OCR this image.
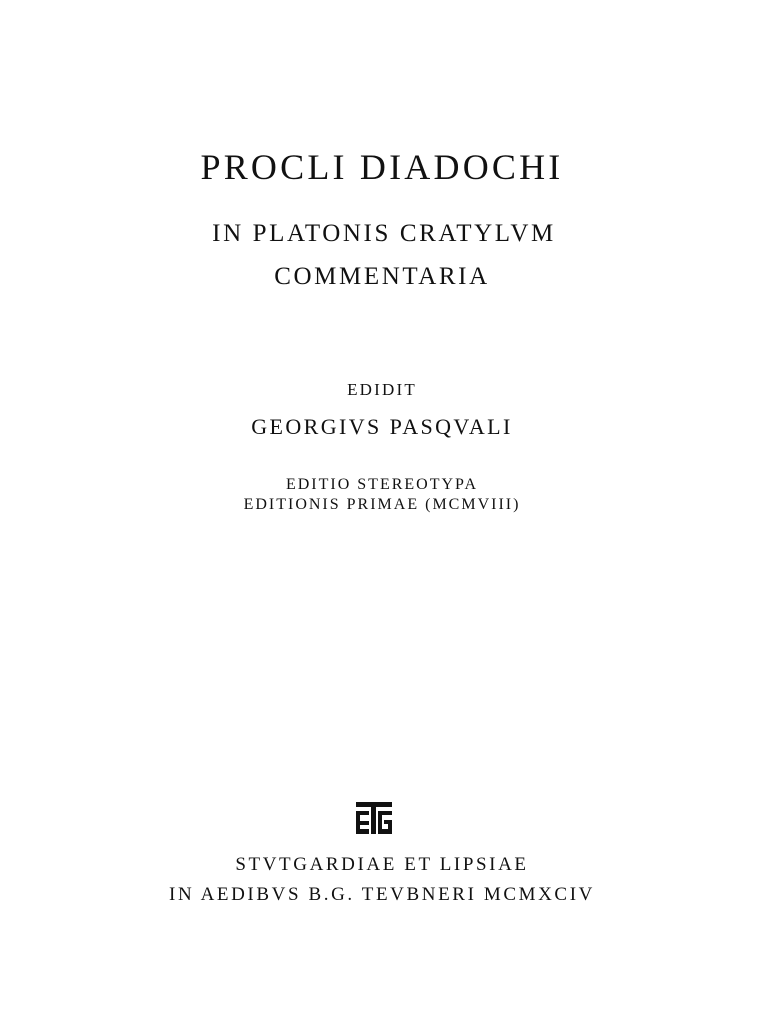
PROCLI DIADOCHI
IN PLATONIS CRATYLVM
COMMENTARIA
EDIDIT
GEORGIVS PASQVALI
EDITIO STEREOTYPA
EDITIONIS PRIMAE (MCMVIII)
STVTGARDIAE ET LIPSIAE
IN AEDIBVS B.G. TEVBNERI MCMXCIV
